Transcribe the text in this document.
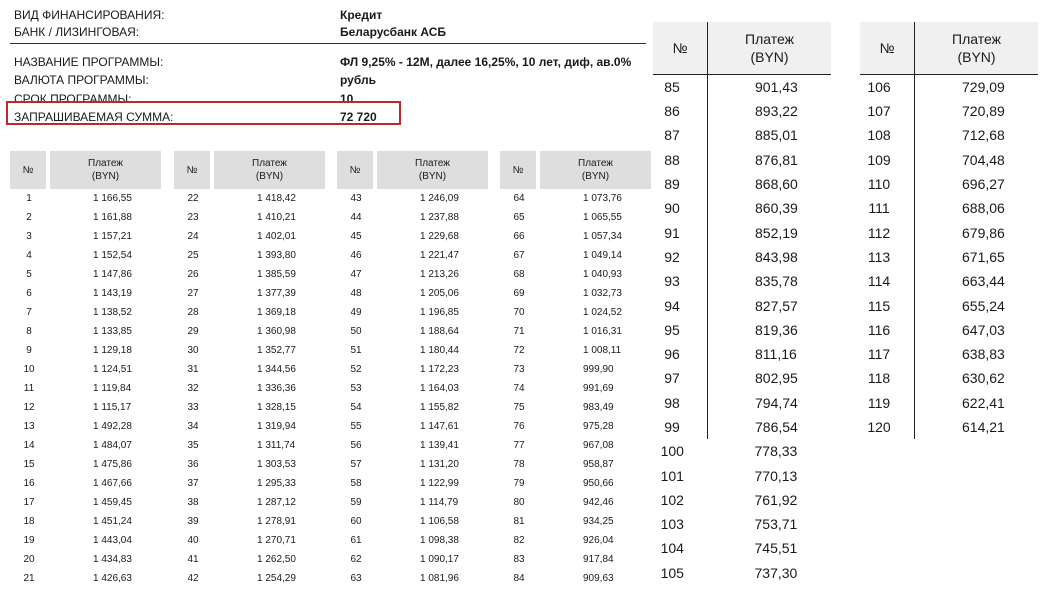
ВИД ФИНАНСИРОВАНИЯ:	Кредит
БАНК / ЛИЗИНГОВАЯ:	Беларусбанк АСБ
НАЗВАНИЕ ПРОГРАММЫ:	ФЛ 9,25% - 12М, далее 16,25%, 10 лет, диф, ав.0%
ВАЛЮТА ПРОГРАММЫ:	рубль
СРОК ПРОГРАММЫ:	10
ЗАПРАШИВАЕМАЯ СУММА:	72 720
№	Платеж
(BYN)

1	1 166,55
2	1 161,88
3	1 157,21
4	1 152,54
5	1 147,86
6	1 143,19
7	1 138,52
8	1 133,85
9	1 129,18
10	1 124,51
11	1 119,84
12	1 115,17
13	1 492,28
14	1 484,07
15	1 475,86
16	1 467,66
17	1 459,45
18	1 451,24
19	1 443,04
20	1 434,83
21	1 426,63
№	Платеж
(BYN)

22	1 418,42
23	1 410,21
24	1 402,01
25	1 393,80
26	1 385,59
27	1 377,39
28	1 369,18
29	1 360,98
30	1 352,77
31	1 344,56
32	1 336,36
33	1 328,15
34	1 319,94
35	1 311,74
36	1 303,53
37	1 295,33
38	1 287,12
39	1 278,91
40	1 270,71
41	1 262,50
42	1 254,29
№	Платеж
(BYN)

43	1 246,09
44	1 237,88
45	1 229,68
46	1 221,47
47	1 213,26
48	1 205,06
49	1 196,85
50	1 188,64
51	1 180,44
52	1 172,23
53	1 164,03
54	1 155,82
55	1 147,61
56	1 139,41
57	1 131,20
58	1 122,99
59	1 114,79
60	1 106,58
61	1 098,38
62	1 090,17
63	1 081,96
№	Платеж
(BYN)

64	1 073,76
65	1 065,55
66	1 057,34
67	1 049,14
68	1 040,93
69	1 032,73
70	1 024,52
71	1 016,31
72	1 008,11
73	999,90
74	991,69
75	983,49
76	975,28
77	967,08
78	958,87
79	950,66
80	942,46
81	934,25
82	926,04
83	917,84
84	909,63
№	Платеж
(BYN)

85	901,43
86	893,22
87	885,01
88	876,81
89	868,60
90	860,39
91	852,19
92	843,98
93	835,78
94	827,57
95	819,36
96	811,16
97	802,95
98	794,74
99	786,54
100	778,33
101	770,13
102	761,92
103	753,71
104	745,51
105	737,30
№	Платеж
(BYN)

106	729,09
107	720,89
108	712,68
109	704,48
110	696,27
111	688,06
112	679,86
113	671,65
114	663,44
115	655,24
116	647,03
117	638,83
118	630,62
119	622,41
120	614,21
